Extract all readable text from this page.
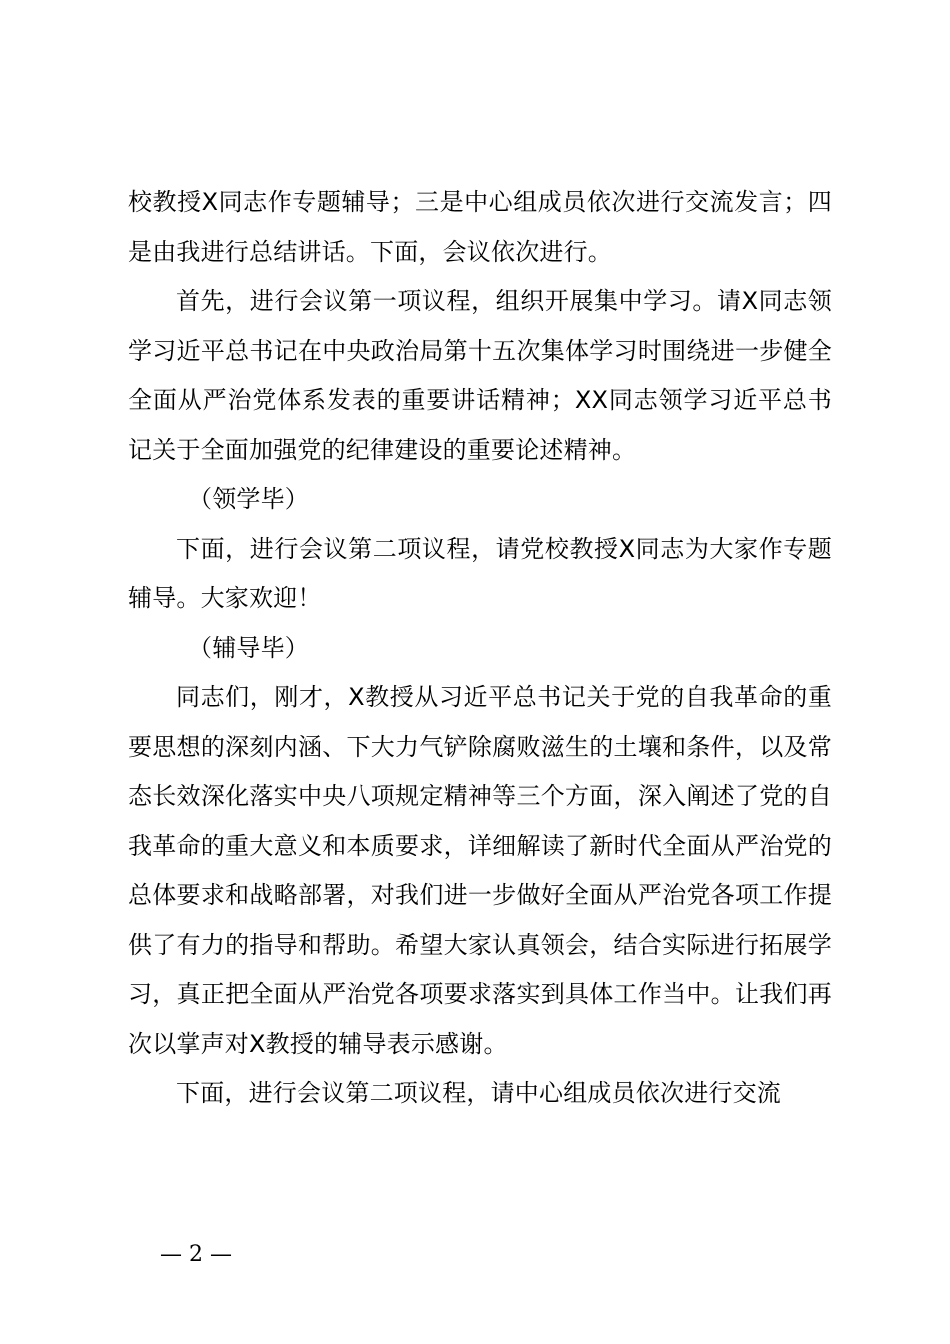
校教授X同志作专题辅导；三是中心组成员依次进行交流发言；四是由我进行总结讲话。下面，会议依次进行。

首先，进行会议第一项议程，组织开展集中学习。请X同志领学习近平总书记在中央政治局第十五次集体学习时围绕进一步健全全面从严治党体系发表的重要讲话精神；XX同志领学习近平总书记关于全面加强党的纪律建设的重要论述精神。

（领学毕）

下面，进行会议第二项议程，请党校教授X同志为大家作专题辅导。大家欢迎！

（辅导毕）

同志们，刚才，X教授从习近平总书记关于党的自我革命的重要思想的深刻内涵、下大力气铲除腐败滋生的土壤和条件，以及常态长效深化落实中央八项规定精神等三个方面，深入阐述了党的自我革命的重大意义和本质要求，详细解读了新时代全面从严治党的总体要求和战略部署，对我们进一步做好全面从严治党各项工作提供了有力的指导和帮助。希望大家认真领会，结合实际进行拓展学习，真正把全面从严治党各项要求落实到具体工作当中。让我们再次以掌声对X教授的辅导表示感谢。

下面，进行会议第二项议程，请中心组成员依次进行交流

— 2 —
